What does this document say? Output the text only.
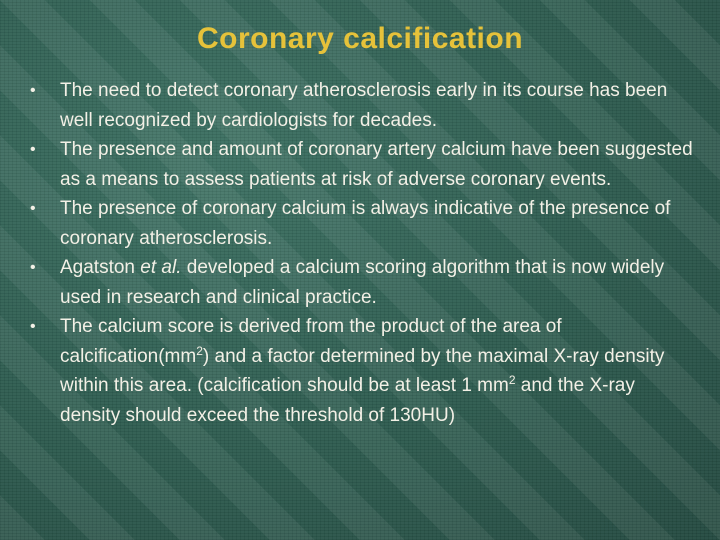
Coronary calcification
•	The need to detect coronary atherosclerosis early in its course has been well recognized by cardiologists for decades.
•	The presence and amount of coronary artery calcium have been suggested as a means to assess patients at risk of adverse coronary events.
•	The presence of coronary calcium is always indicative of the presence of coronary atherosclerosis.
•	Agatston et al. developed a calcium scoring algorithm that is now widely used in research and clinical practice.
•	The calcium score is derived from the product of the area of $calcification(mm^2)$ and a factor determined by the maximal X-ray density within this area. (calcification should be at least 1 $mm^2$ and the X-ray density should exceed the threshold of 130HU)
